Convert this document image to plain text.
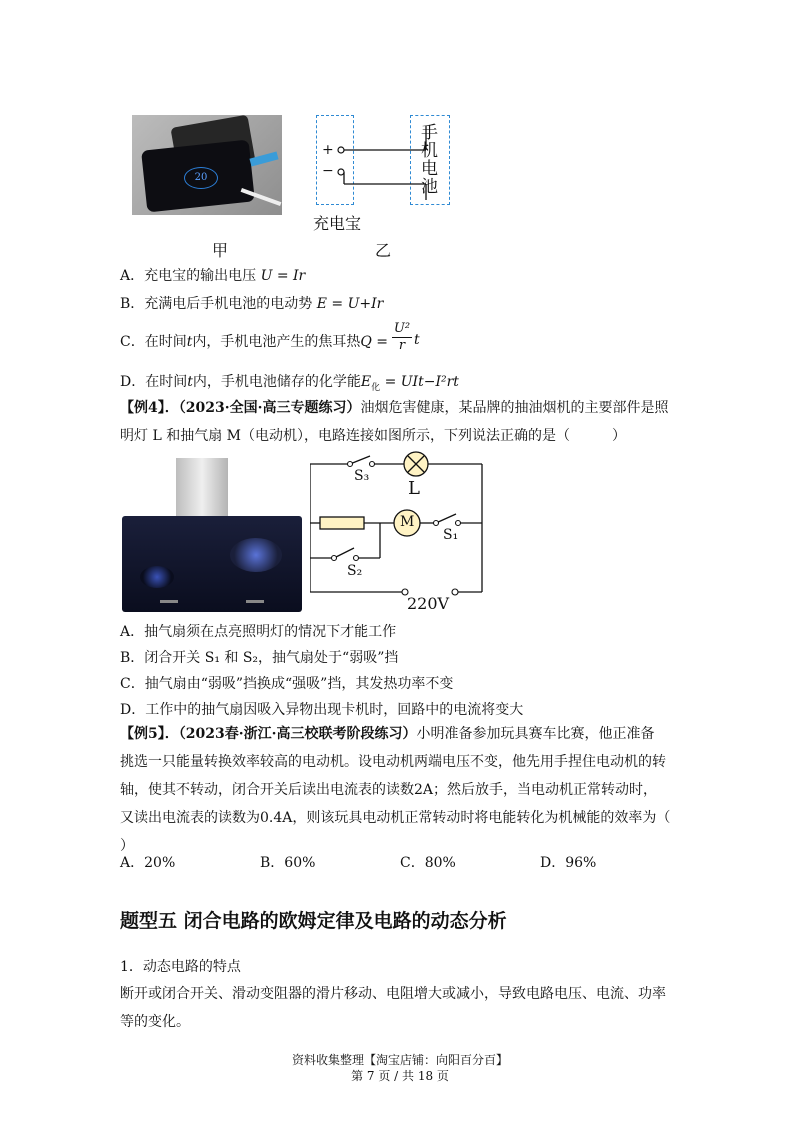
20
+
−
手机电池
充电宝
甲	乙
A．充电宝的输出电压 U = Ir
B．充满电后手机电池的电动势 E = U+Ir
C．在时间t内，手机电池产生的焦耳热$Q = \frac{\text{U²}}{r}$ t
D．在时间t内，手机电池储存的化学能$E_化 = UIt-I^2rt$
【例4】．（2023·全国·高三专题练习）油烟危害健康，某品牌的抽油烟机的主要部件是照
明灯 L 和抽气扇 M（电动机），电路连接如图所示，下列说法正确的是（　　　）
S₃
L
M
S₁
S₂
220V
A．抽气扇须在点亮照明灯的情况下才能工作
B．闭合开关 S₁ 和 S₂，抽气扇处于“弱吸”挡
C．抽气扇由“弱吸”挡换成“强吸”挡，其发热功率不变
D．工作中的抽气扇因吸入异物出现卡机时，回路中的电流将变大
【例5】．（2023春·浙江·高三校联考阶段练习）小明准备参加玩具赛车比赛，他正准备
挑选一只能量转换效率较高的电动机。设电动机两端电压不变，他先用手捏住电动机的转
轴，使其不转动，闭合开关后读出电流表的读数2A；然后放手，当电动机正常转动时，
又读出电流表的读数为0.4A，则该玩具电动机正常转动时将电能转化为机械能的效率为（
）
A．20%	B．60%	C．80%	D．96%
题型五 闭合电路的欧姆定律及电路的动态分析
1．动态电路的特点
断开或闭合开关、滑动变阻器的滑片移动、电阻增大或减小，导致电路电压、电流、功率
等的变化。
资料收集整理【淘宝店铺：向阳百分百】
第 7 页 / 共 18 页
